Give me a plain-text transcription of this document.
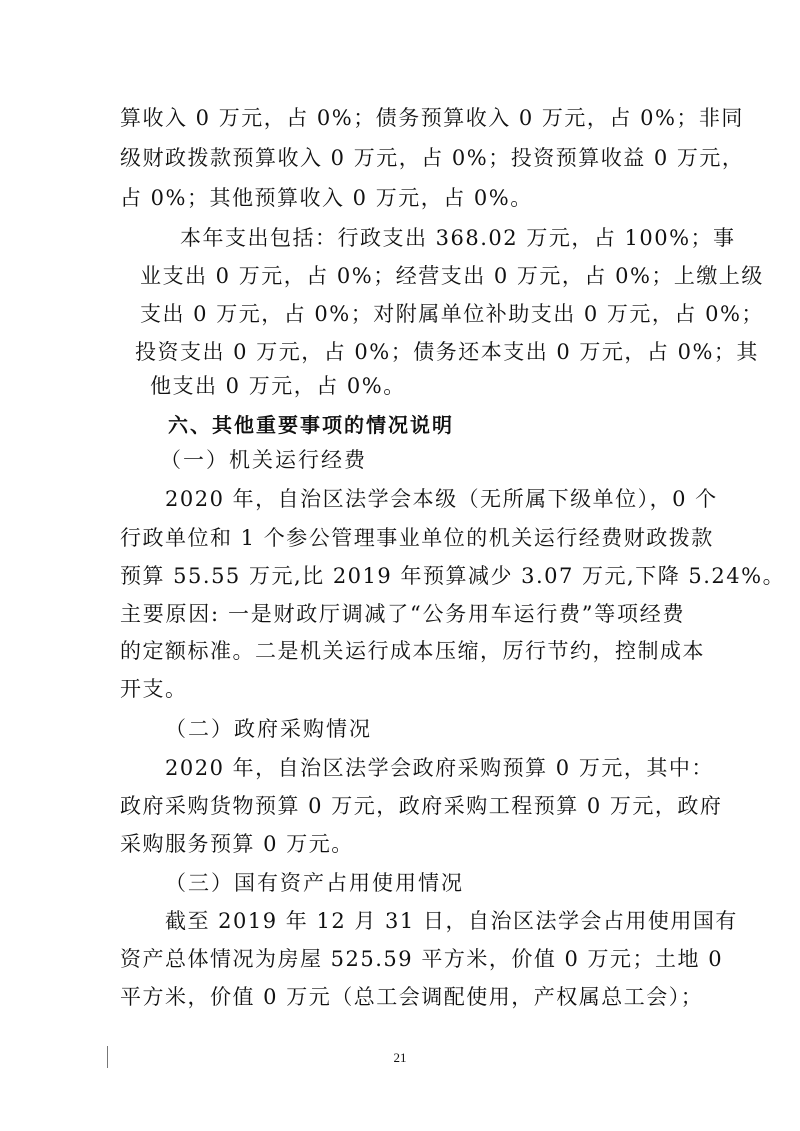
算收入 0 万元，占 0%；债务预算收入 0 万元，占 0%；非同
级财政拨款预算收入 0 万元，占 0%；投资预算收益 0 万元，
占 0%；其他预算收入 0 万元，占 0%。
本年支出包括：行政支出 368.02 万元，占 100%；事
业支出 0 万元，占 0%；经营支出 0 万元，占 0%；上缴上级
支出 0 万元，占 0%；对附属单位补助支出 0 万元，占 0%；
投资支出 0 万元，占 0%；债务还本支出 0 万元，占 0%；其
他支出 0 万元，占 0%。
六、其他重要事项的情况说明
（一）机关运行经费
2020 年，自治区法学会本级（无所属下级单位），0 个
行政单位和 1 个参公管理事业单位的机关运行经费财政拨款
预算 55.55 万元,比 2019 年预算减少 3.07 万元,下降 5.24%。
主要原因: 一是财政厅调减了“公务用车运行费”等项经费
的定额标准。二是机关运行成本压缩，厉行节约，控制成本
开支。
（二）政府采购情况
2020 年，自治区法学会政府采购预算 0 万元，其中：
政府采购货物预算 0 万元，政府采购工程预算 0 万元，政府
采购服务预算 0 万元。
（三）国有资产占用使用情况
截至 2019 年 12 月 31 日，自治区法学会占用使用国有
资产总体情况为房屋 525.59 平方米，价值 0 万元；土地 0
平方米，价值 0 万元（总工会调配使用，产权属总工会）；
21
